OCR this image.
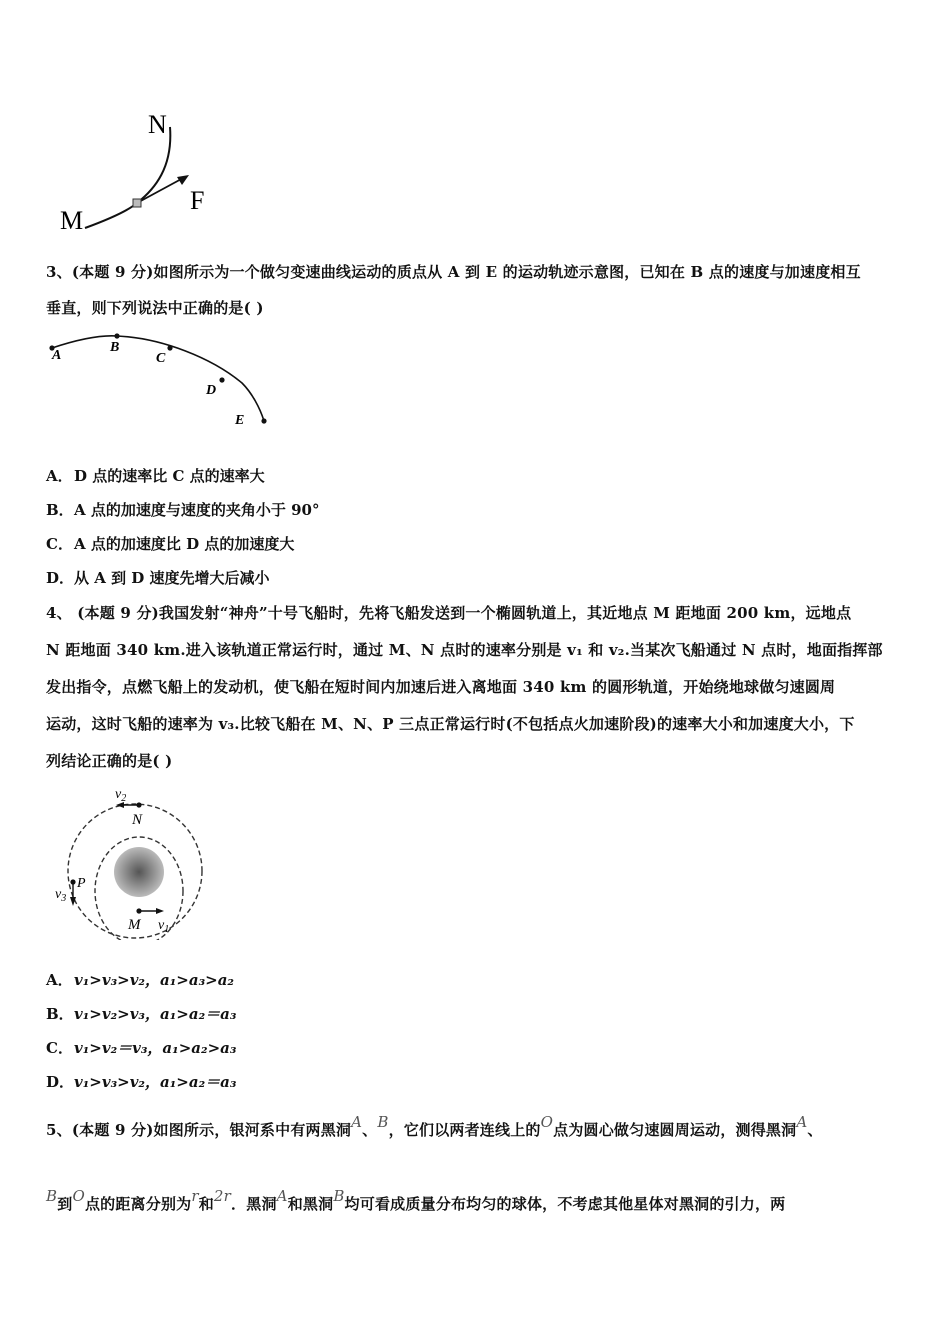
N
M
F
3、(本题 9 分)如图所示为一个做匀变速曲线运动的质点从 A 到 E 的运动轨迹示意图，已知在 B 点的速度与加速度相互
垂直，则下列说法中正确的是( )
A
B
C
D
E
A．D 点的速率比 C 点的速率大
B．A 点的加速度与速度的夹角小于 90°
C．A 点的加速度比 D 点的加速度大
D．从 A 到 D 速度先增大后减小
4、 (本题 9 分)我国发射“神舟”十号飞船时，先将飞船发送到一个椭圆轨道上，其近地点 M 距地面 200 km，远地点
N 距地面 340 km.进入该轨道正常运行时，通过 M、N 点时的速率分别是 v₁ 和 v₂.当某次飞船通过 N 点时，地面指挥部
发出指令，点燃飞船上的发动机，使飞船在短时间内加速后进入离地面 340 km 的圆形轨道，开始绕地球做匀速圆周
运动，这时飞船的速率为 v₃.比较飞船在 M、N、P 三点正常运行时(不包括点火加速阶段)的速率大小和加速度大小，下
列结论正确的是( )
$v_2$
N
P
$v_3$
M $v_1$
A．v₁>v₃>v₂，a₁>a₃>a₂
B．v₁>v₂>v₃，a₁>a₂＝a₃
C．v₁>v₂＝v₃，a₁>a₂>a₃
D．v₁>v₃>v₂，a₁>a₂＝a₃
5、(本题 9 分)如图所示，银河系中有两黑洞A、B，它们以两者连线上的O点为圆心做匀速圆周运动，测得黑洞A、
B到O点的距离分别为r和2r．黑洞A和黑洞B均可看成质量分布均匀的球体，不考虑其他星体对黑洞的引力，两
